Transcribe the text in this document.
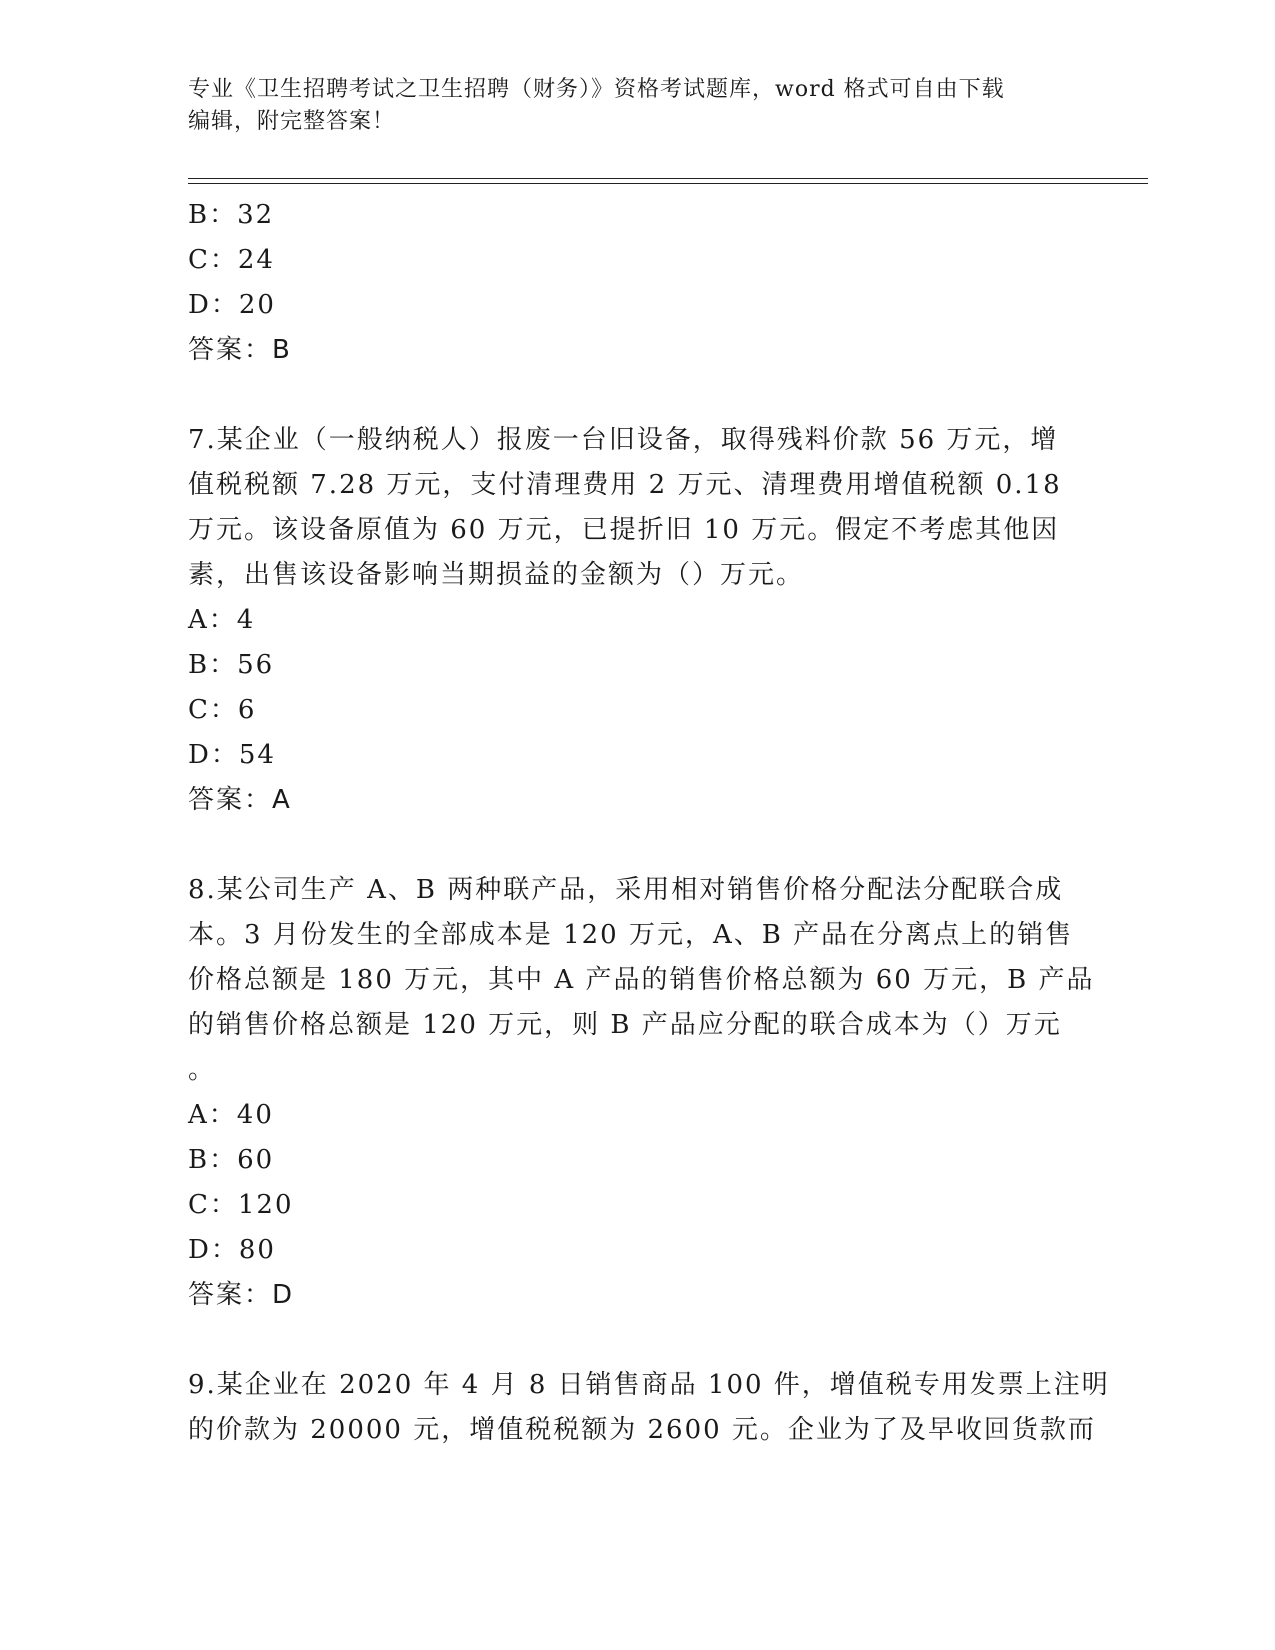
专业《卫生招聘考试之卫生招聘（财务）》资格考试题库，word 格式可自由下载
编辑，附完整答案！
B：32
C：24
D：20
答案：B
7.某企业（一般纳税人）报废一台旧设备，取得残料价款 56 万元，增
值税税额 7.28 万元，支付清理费用 2 万元、清理费用增值税额 0.18
万元。该设备原值为 60 万元，已提折旧 10 万元。假定不考虑其他因
素，出售该设备影响当期损益的金额为（）万元。
A：4
B：56
C：6
D：54
答案：A
8.某公司生产 A、B 两种联产品，采用相对销售价格分配法分配联合成
本。3 月份发生的全部成本是 120 万元，A、B 产品在分离点上的销售
价格总额是 180 万元，其中 A 产品的销售价格总额为 60 万元，B 产品
的销售价格总额是 120 万元，则 B 产品应分配的联合成本为（）万元
。
A：40
B：60
C：120
D：80
答案：D
9.某企业在 2020 年 4 月 8 日销售商品 100 件，增值税专用发票上注明
的价款为 20000 元，增值税税额为 2600 元。企业为了及早收回货款而
